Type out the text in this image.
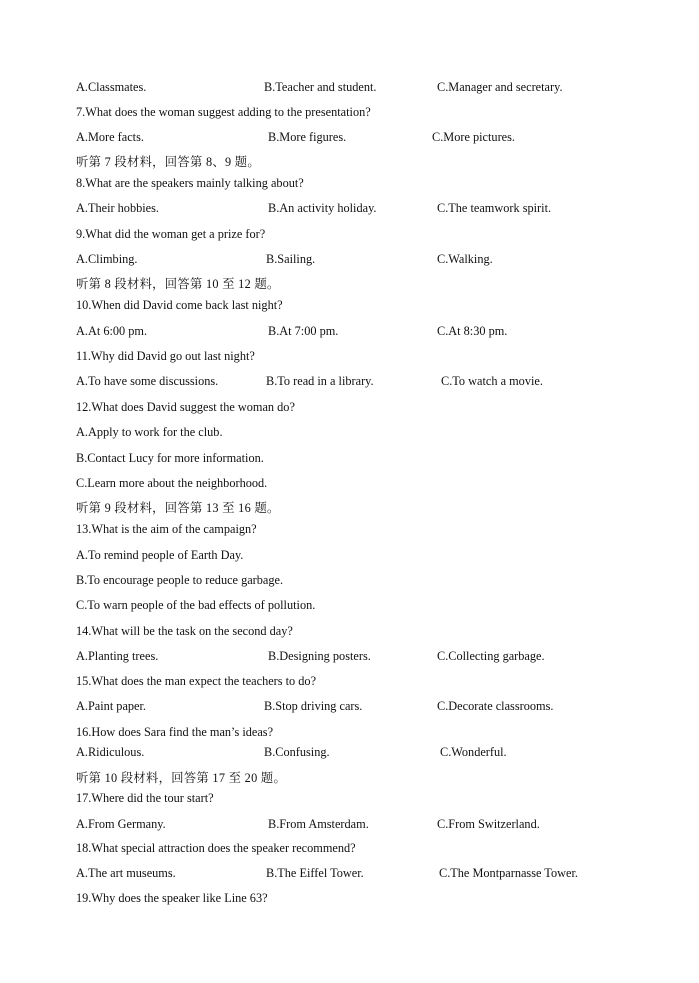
A.Classmates.	B.Teacher and student.	C.Manager and secretary.
7.What does the woman suggest adding to the presentation?
A.More facts.	B.More figures.	C.More pictures.
听第 7 段材料，回答第 8、9 题。
8.What are the speakers mainly talking about?
A.Their hobbies.	B.An activity holiday.	C.The teamwork spirit.
9.What did the woman get a prize for?
A.Climbing.	B.Sailing.	C.Walking.
听第 8 段材料，回答第 10 至 12 题。
10.When did David come back last night?
A.At 6:00 pm.	B.At 7:00 pm.	C.At 8:30 pm.
11.Why did David go out last night?
A.To have some discussions.	B.To read in a library.	C.To watch a movie.
12.What does David suggest the woman do?
A.Apply to work for the club.
B.Contact Lucy for more information.
C.Learn more about the neighborhood.
听第 9 段材料，回答第 13 至 16 题。
13.What is the aim of the campaign?
A.To remind people of Earth Day.
B.To encourage people to reduce garbage.
C.To warn people of the bad effects of pollution.
14.What will be the task on the second day?
A.Planting trees.	B.Designing posters.	C.Collecting garbage.
15.What does the man expect the teachers to do?
A.Paint paper.	B.Stop driving cars.	C.Decorate classrooms.
16.How does Sara find the man’s ideas?
A.Ridiculous.	B.Confusing.	C.Wonderful.
听第 10 段材料，回答第 17 至 20 题。
17.Where did the tour start?
A.From Germany.	B.From Amsterdam.	C.From Switzerland.
18.What special attraction does the speaker recommend?
A.The art museums.	B.The Eiffel Tower.	C.The Montparnasse Tower.
19.Why does the speaker like Line 63?
